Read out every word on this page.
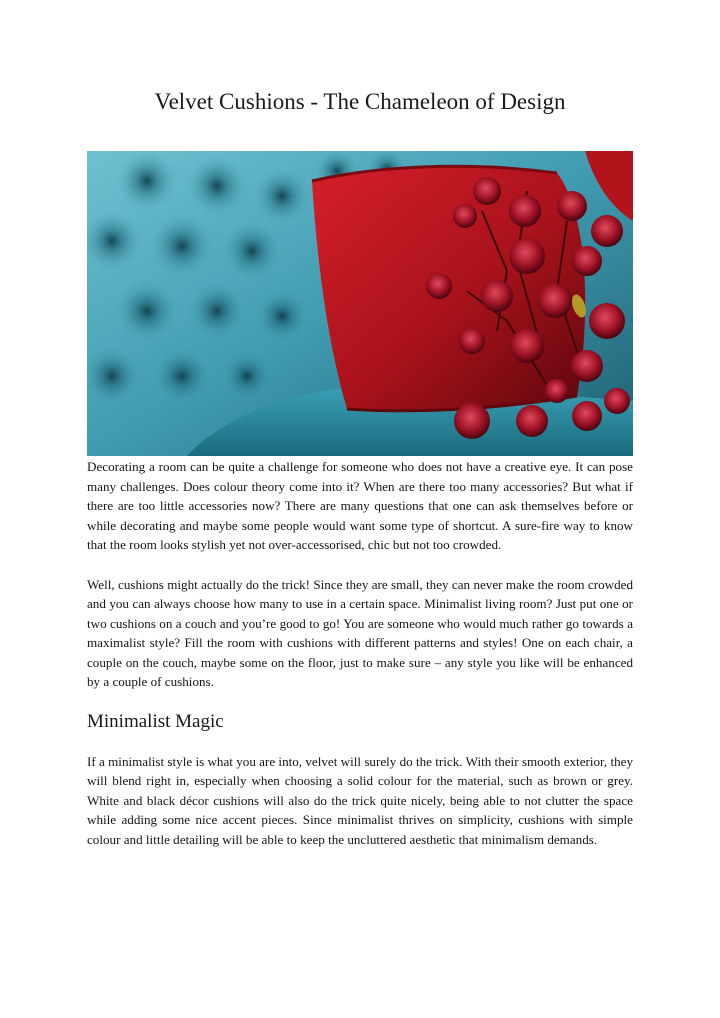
Velvet Cushions - The Chameleon of Design

Decorating a room can be quite a challenge for someone who does not have a creative eye. It can pose many challenges. Does colour theory come into it? When are there too many accessories? But what if there are too little accessories now? There are many questions that one can ask themselves before or while decorating and maybe some people would want some type of shortcut. A sure-fire way to know that the room looks stylish yet not over-accessorised, chic but not too crowded.

Well, cushions might actually do the trick! Since they are small, they can never make the room crowded and you can always choose how many to use in a certain space. Minimalist living room? Just put one or two cushions on a couch and you’re good to go! You are someone who would much rather go towards a maximalist style? Fill the room with cushions with different patterns and styles! One on each chair, a couple on the couch, maybe some on the floor, just to make sure – any style you like will be enhanced by a couple of cushions.

Minimalist Magic

If a minimalist style is what you are into, velvet will surely do the trick. With their smooth exterior, they will blend right in, especially when choosing a solid colour for the material, such as brown or grey. White and black décor cushions will also do the trick quite nicely, being able to not clutter the space while adding some nice accent pieces. Since minimalist thrives on simplicity, cushions with simple colour and little detailing will be able to keep the uncluttered aesthetic that minimalism demands.
